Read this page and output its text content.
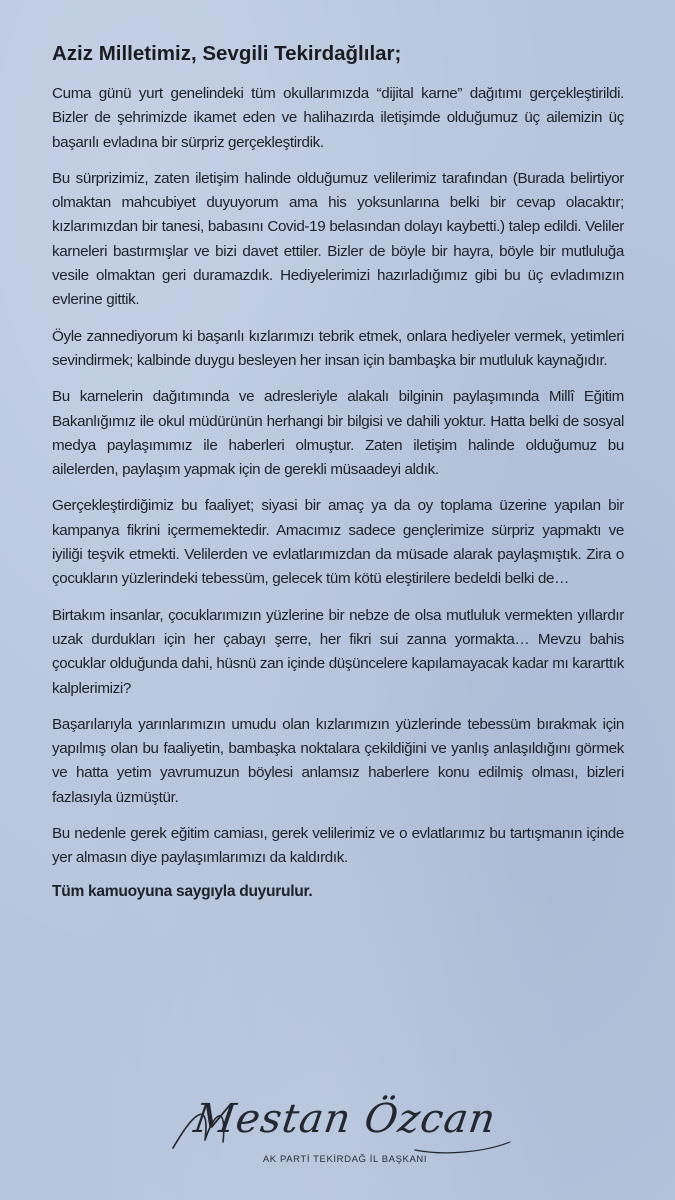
Aziz Milletimiz, Sevgili Tekirdağlılar;

Cuma günü yurt genelindeki tüm okullarımızda “dijital karne” dağıtımı gerçekleştirildi. Bizler de şehrimizde ikamet eden ve halihazırda iletişimde olduğumuz üç ailemizin üç başarılı evladına bir sürpriz gerçekleştirdik.

Bu sürprizimiz, zaten iletişim halinde olduğumuz velilerimiz tarafından (Burada belirtiyor olmaktan mahcubiyet duyuyorum ama his yoksunlarına belki bir cevap olacaktır; kızlarımızdan bir tanesi, babasını Covid-19 belasından dolayı kaybetti.) talep edildi. Veliler karneleri bastırmışlar ve bizi davet ettiler. Bizler de böyle bir hayra, böyle bir mutluluğa vesile olmaktan geri duramazdık. Hediyelerimizi hazırladığımız gibi bu üç evladımızın evlerine gittik.

Öyle zannediyorum ki başarılı kızlarımızı tebrik etmek, onlara hediyeler vermek, yetimleri sevindirmek; kalbinde duygu besleyen her insan için bambaşka bir mutluluk kaynağıdır.

Bu karnelerin dağıtımında ve adresleriyle alakalı bilginin paylaşımında Millî Eğitim Bakanlığımız ile okul müdürünün herhangi bir bilgisi ve dahili yoktur. Hatta belki de sosyal medya paylaşımımız ile haberleri olmuştur. Zaten iletişim halinde olduğumuz bu ailelerden, paylaşım yapmak için de gerekli müsaadeyi aldık.

Gerçekleştirdiğimiz bu faaliyet; siyasi bir amaç ya da oy toplama üzerine yapılan bir kampanya fikrini içermemektedir. Amacımız sadece gençlerimize sürpriz yapmaktı ve iyiliği teşvik etmekti. Velilerden ve evlatlarımızdan da müsade alarak paylaşmıştık. Zira o çocukların yüzlerindeki tebessüm, gelecek tüm kötü eleştirilere bedeldi belki de…

Birtakım insanlar, çocuklarımızın yüzlerine bir nebze de olsa mutluluk vermekten yıllardır uzak durdukları için her çabayı şerre, her fikri sui zanna yormakta… Mevzu bahis çocuklar olduğunda dahi, hüsnü zan içinde düşüncelere kapılamayacak kadar mı kararttık kalplerimizi?

Başarılarıyla yarınlarımızın umudu olan kızlarımızın yüzlerinde tebessüm bırakmak için yapılmış olan bu faaliyetin, bambaşka noktalara çekildiğini ve yanlış anlaşıldığını görmek ve hatta yetim yavrumuzun böylesi anlamsız haberlere konu edilmiş olması, bizleri fazlasıyla üzmüştür.

Bu nedenle gerek eğitim camiası, gerek velilerimiz ve o evlatlarımız bu tartışmanın içinde yer almasın diye paylaşımlarımızı da kaldırdık.

Tüm kamuoyuna saygıyla duyurulur.
Mestan Özcan
AK PARTİ TEKİRDAĞ İL BAŞKANI
